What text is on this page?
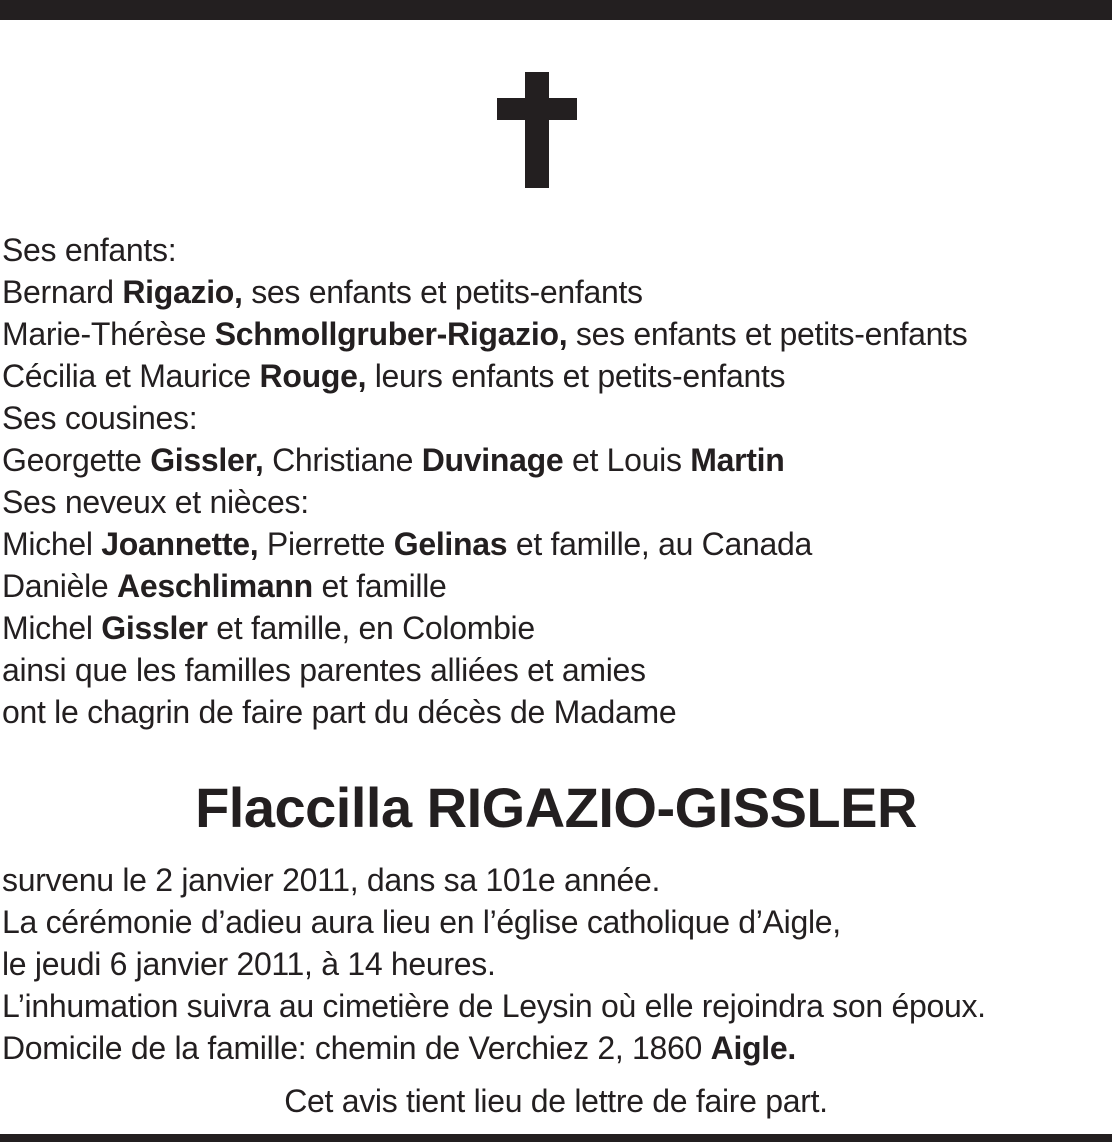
Ses enfants:
Bernard Rigazio, ses enfants et petits-enfants
Marie-Thérèse Schmollgruber-Rigazio, ses enfants et petits-enfants
Cécilia et Maurice Rouge, leurs enfants et petits-enfants
Ses cousines:
Georgette Gissler, Christiane Duvinage et Louis Martin
Ses neveux et nièces:
Michel Joannette, Pierrette Gelinas et famille, au Canada
Danièle Aeschlimann et famille
Michel Gissler et famille, en Colombie
ainsi que les familles parentes alliées et amies
ont le chagrin de faire part du décès de Madame
Flaccilla RIGAZIO-GISSLER
survenu le 2 janvier 2011, dans sa 101e année.
La cérémonie d’adieu aura lieu en l’église catholique d’Aigle,
le jeudi 6 janvier 2011, à 14 heures.
L’inhumation suivra au cimetière de Leysin où elle rejoindra son époux.
Domicile de la famille: chemin de Verchiez 2, 1860 Aigle.
Cet avis tient lieu de lettre de faire part.
